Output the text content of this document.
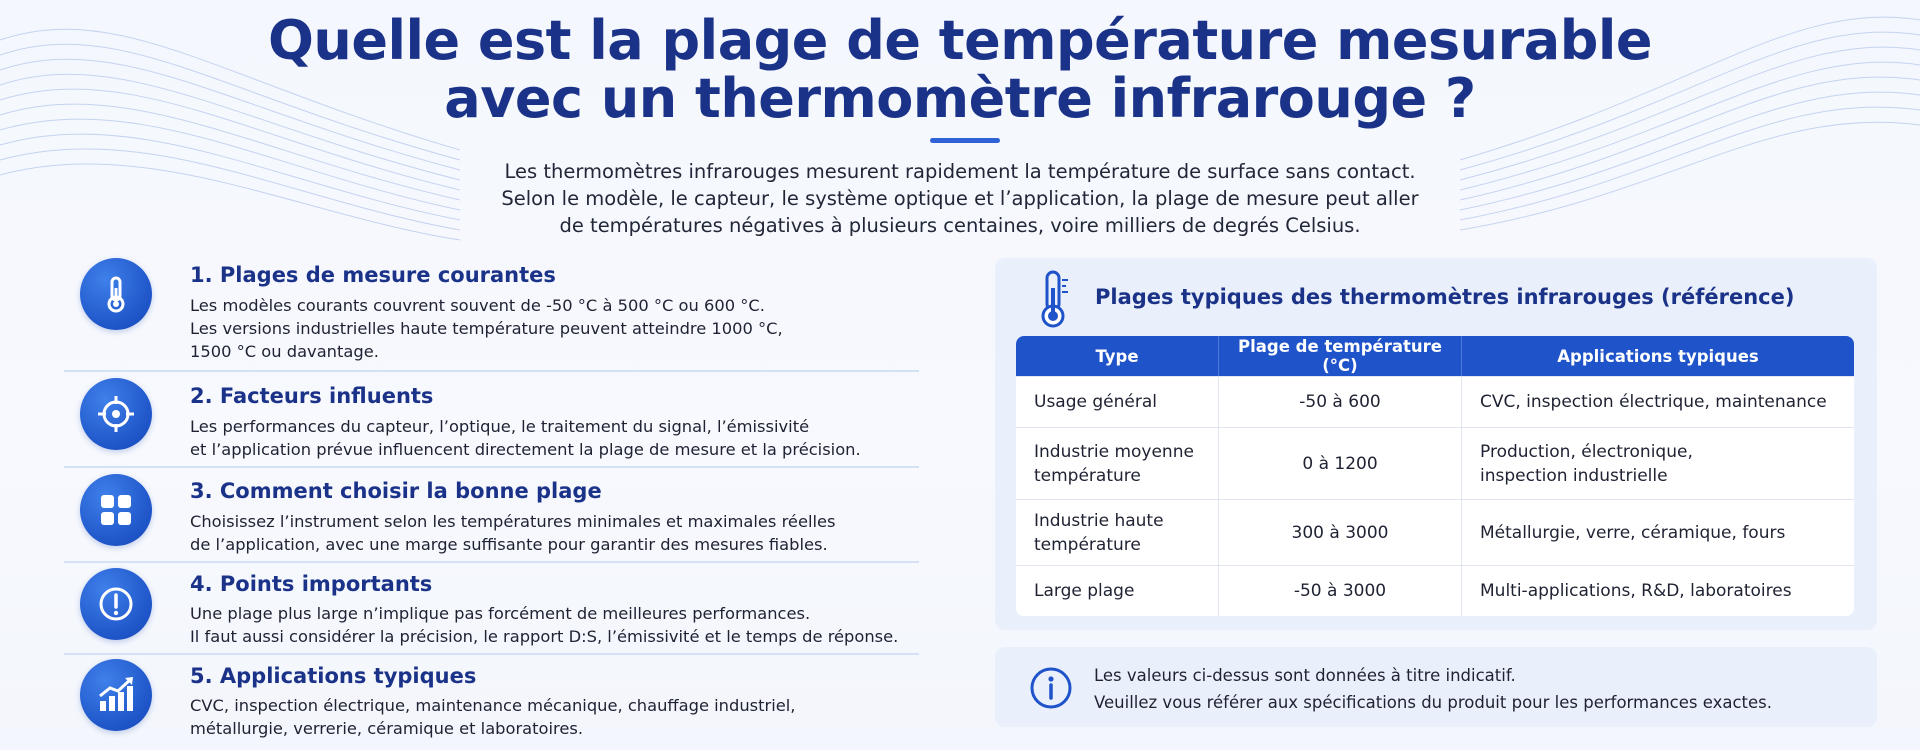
Quelle est la plage de température mesurable
avec un thermomètre infrarouge ?

Les thermomètres infrarouges mesurent rapidement la température de surface sans contact.
Selon le modèle, le capteur, le système optique et l’application, la plage de mesure peut aller
de températures négatives à plusieurs centaines, voire milliers de degrés Celsius.

1. Plages de mesure courantes
Les modèles courants couvrent souvent de -50 °C à 500 °C ou 600 °C.
Les versions industrielles haute température peuvent atteindre 1000 °C,
1500 °C ou davantage.
2. Facteurs influents
Les performances du capteur, l’optique, le traitement du signal, l’émissivité
et l’application prévue influencent directement la plage de mesure et la précision.
3. Comment choisir la bonne plage
Choisissez l’instrument selon les températures minimales et maximales réelles
de l’application, avec une marge suffisante pour garantir des mesures fiables.
4. Points importants
Une plage plus large n’implique pas forcément de meilleures performances.
Il faut aussi considérer la précision, le rapport D:S, l’émissivité et le temps de réponse.
5. Applications typiques
CVC, inspection électrique, maintenance mécanique, chauffage industriel,
métallurgie, verrerie, céramique et laboratoires.
Plages typiques des thermomètres infrarouges (référence)
Type	Plage de température (°C)	Applications typiques

Usage général	-50 à 600	CVC, inspection électrique, maintenance

Industrie moyenne
température	0 à 1200	Production, électronique,
inspection industrielle

Industrie haute
température	300 à 3000	Métallurgie, verre, céramique, fours

Large plage	-50 à 3000	Multi-applications, R&D, laboratoires
Les valeurs ci-dessus sont données à titre indicatif.
Veuillez vous référer aux spécifications du produit pour les performances exactes.
